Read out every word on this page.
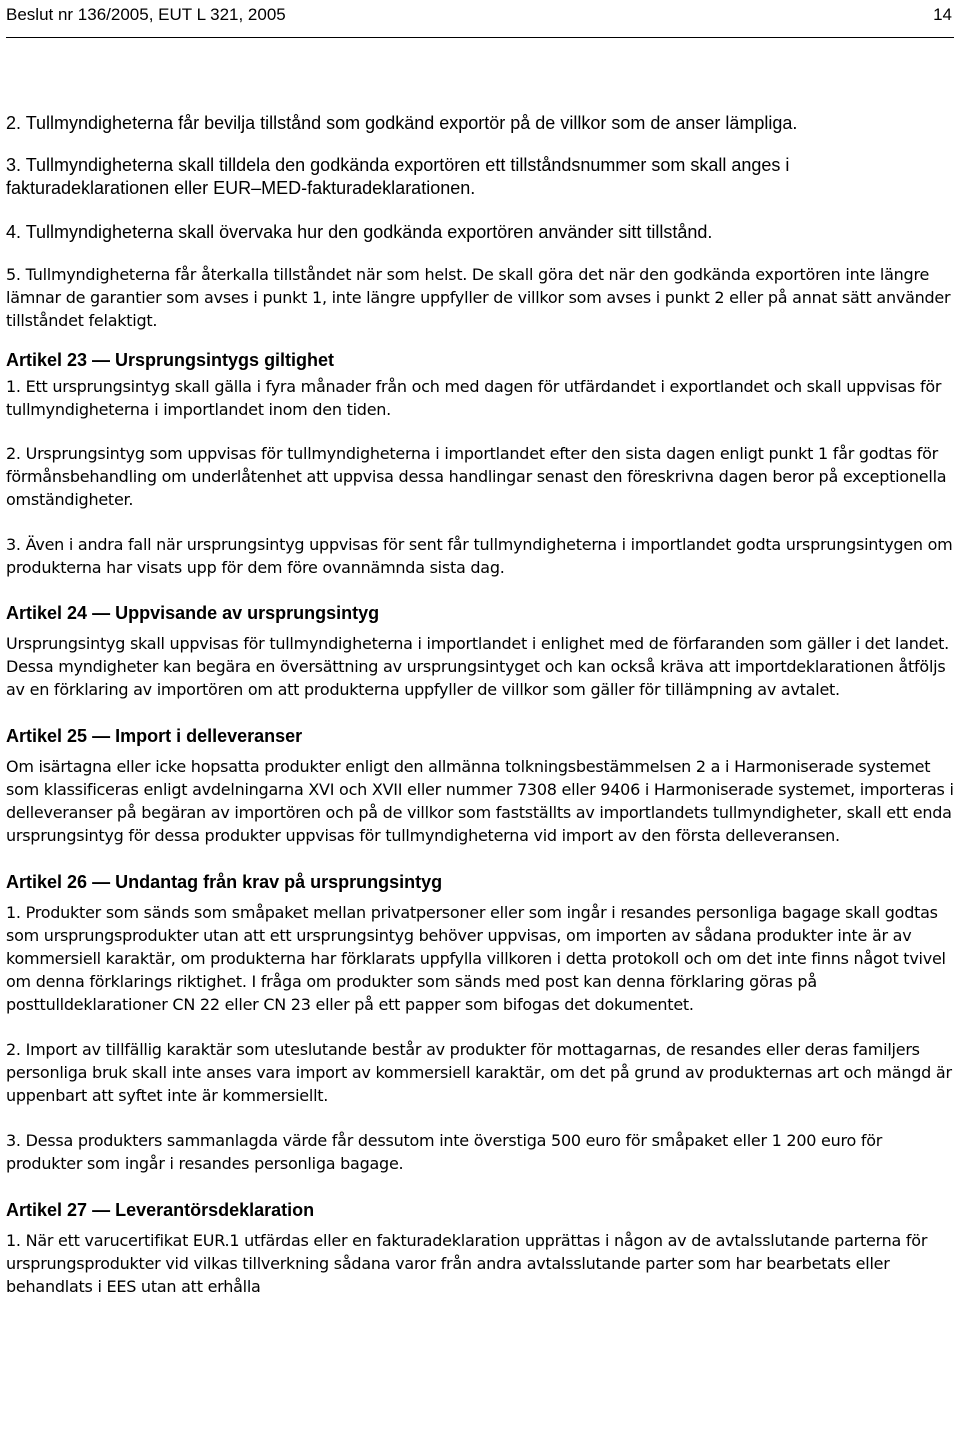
Beslut nr 136/2005, EUT L 321, 2005	14

2. Tullmyndigheterna får bevilja tillstånd som godkänd exportör på de villkor som de anser lämpliga.

3. Tullmyndigheterna skall tilldela den godkända exportören ett tillståndsnummer som skall anges i fakturadeklarationen eller EUR–MED-fakturadeklarationen.

4. Tullmyndigheterna skall övervaka hur den godkända exportören använder sitt tillstånd.

5. Tullmyndigheterna får återkalla tillståndet när som helst. De skall göra det när den godkända exportören inte längre lämnar de garantier som avses i punkt 1, inte längre uppfyller de villkor som avses i punkt 2 eller på annat sätt använder tillståndet felaktigt.

Artikel 23 — Ursprungsintygs giltighet

1. Ett ursprungsintyg skall gälla i fyra månader från och med dagen för utfärdandet i exportlandet och skall uppvisas för tullmyndigheterna i importlandet inom den tiden.

2. Ursprungsintyg som uppvisas för tullmyndigheterna i importlandet efter den sista dagen enligt punkt 1 får godtas för förmånsbehandling om underlåtenhet att uppvisa dessa handlingar senast den föreskrivna dagen beror på exceptionella omständigheter.

3. Även i andra fall när ursprungsintyg uppvisas för sent får tullmyndigheterna i importlandet godta ursprungsintygen om produkterna har visats upp för dem före ovannämnda sista dag.

Artikel 24 — Uppvisande av ursprungsintyg

Ursprungsintyg skall uppvisas för tullmyndigheterna i importlandet i enlighet med de förfaranden som gäller i det landet. Dessa myndigheter kan begära en översättning av ursprungsintyget och kan också kräva att importdeklarationen åtföljs av en förklaring av importören om att produkterna uppfyller de villkor som gäller för tillämpning av avtalet.

Artikel 25 — Import i delleveranser

Om isärtagna eller icke hopsatta produkter enligt den allmänna tolkningsbestämmelsen 2 a i Harmoniserade systemet som klassificeras enligt avdelningarna XVI och XVII eller nummer 7308 eller 9406 i Harmoniserade systemet, importeras i delleveranser på begäran av importören och på de villkor som fastställts av importlandets tullmyndigheter, skall ett enda ursprungsintyg för dessa produkter uppvisas för tullmyndigheterna vid import av den första delleveransen.

Artikel 26 — Undantag från krav på ursprungsintyg

1. Produkter som sänds som småpaket mellan privatpersoner eller som ingår i resandes personliga bagage skall godtas som ursprungsprodukter utan att ett ursprungsintyg behöver uppvisas, om importen av sådana produkter inte är av kommersiell karaktär, om produkterna har förklarats uppfylla villkoren i detta protokoll och om det inte finns något tvivel om denna förklarings riktighet. I fråga om produkter som sänds med post kan denna förklaring göras på posttulldeklarationer CN 22 eller CN 23 eller på ett papper som bifogas det dokumentet.

2. Import av tillfällig karaktär som uteslutande består av produkter för mottagarnas, de resandes eller deras familjers personliga bruk skall inte anses vara import av kommersiell karaktär, om det på grund av produkternas art och mängd är uppenbart att syftet inte är kommersiellt.

3. Dessa produkters sammanlagda värde får dessutom inte överstiga 500 euro för småpaket eller 1 200 euro för produkter som ingår i resandes personliga bagage.

Artikel 27 — Leverantörsdeklaration

1. När ett varucertifikat EUR.1 utfärdas eller en fakturadeklaration upprättas i någon av de avtalsslutande parterna för ursprungsprodukter vid vilkas tillverkning sådana varor från andra avtalsslutande parter som har bearbetats eller behandlats i EES utan att erhålla
